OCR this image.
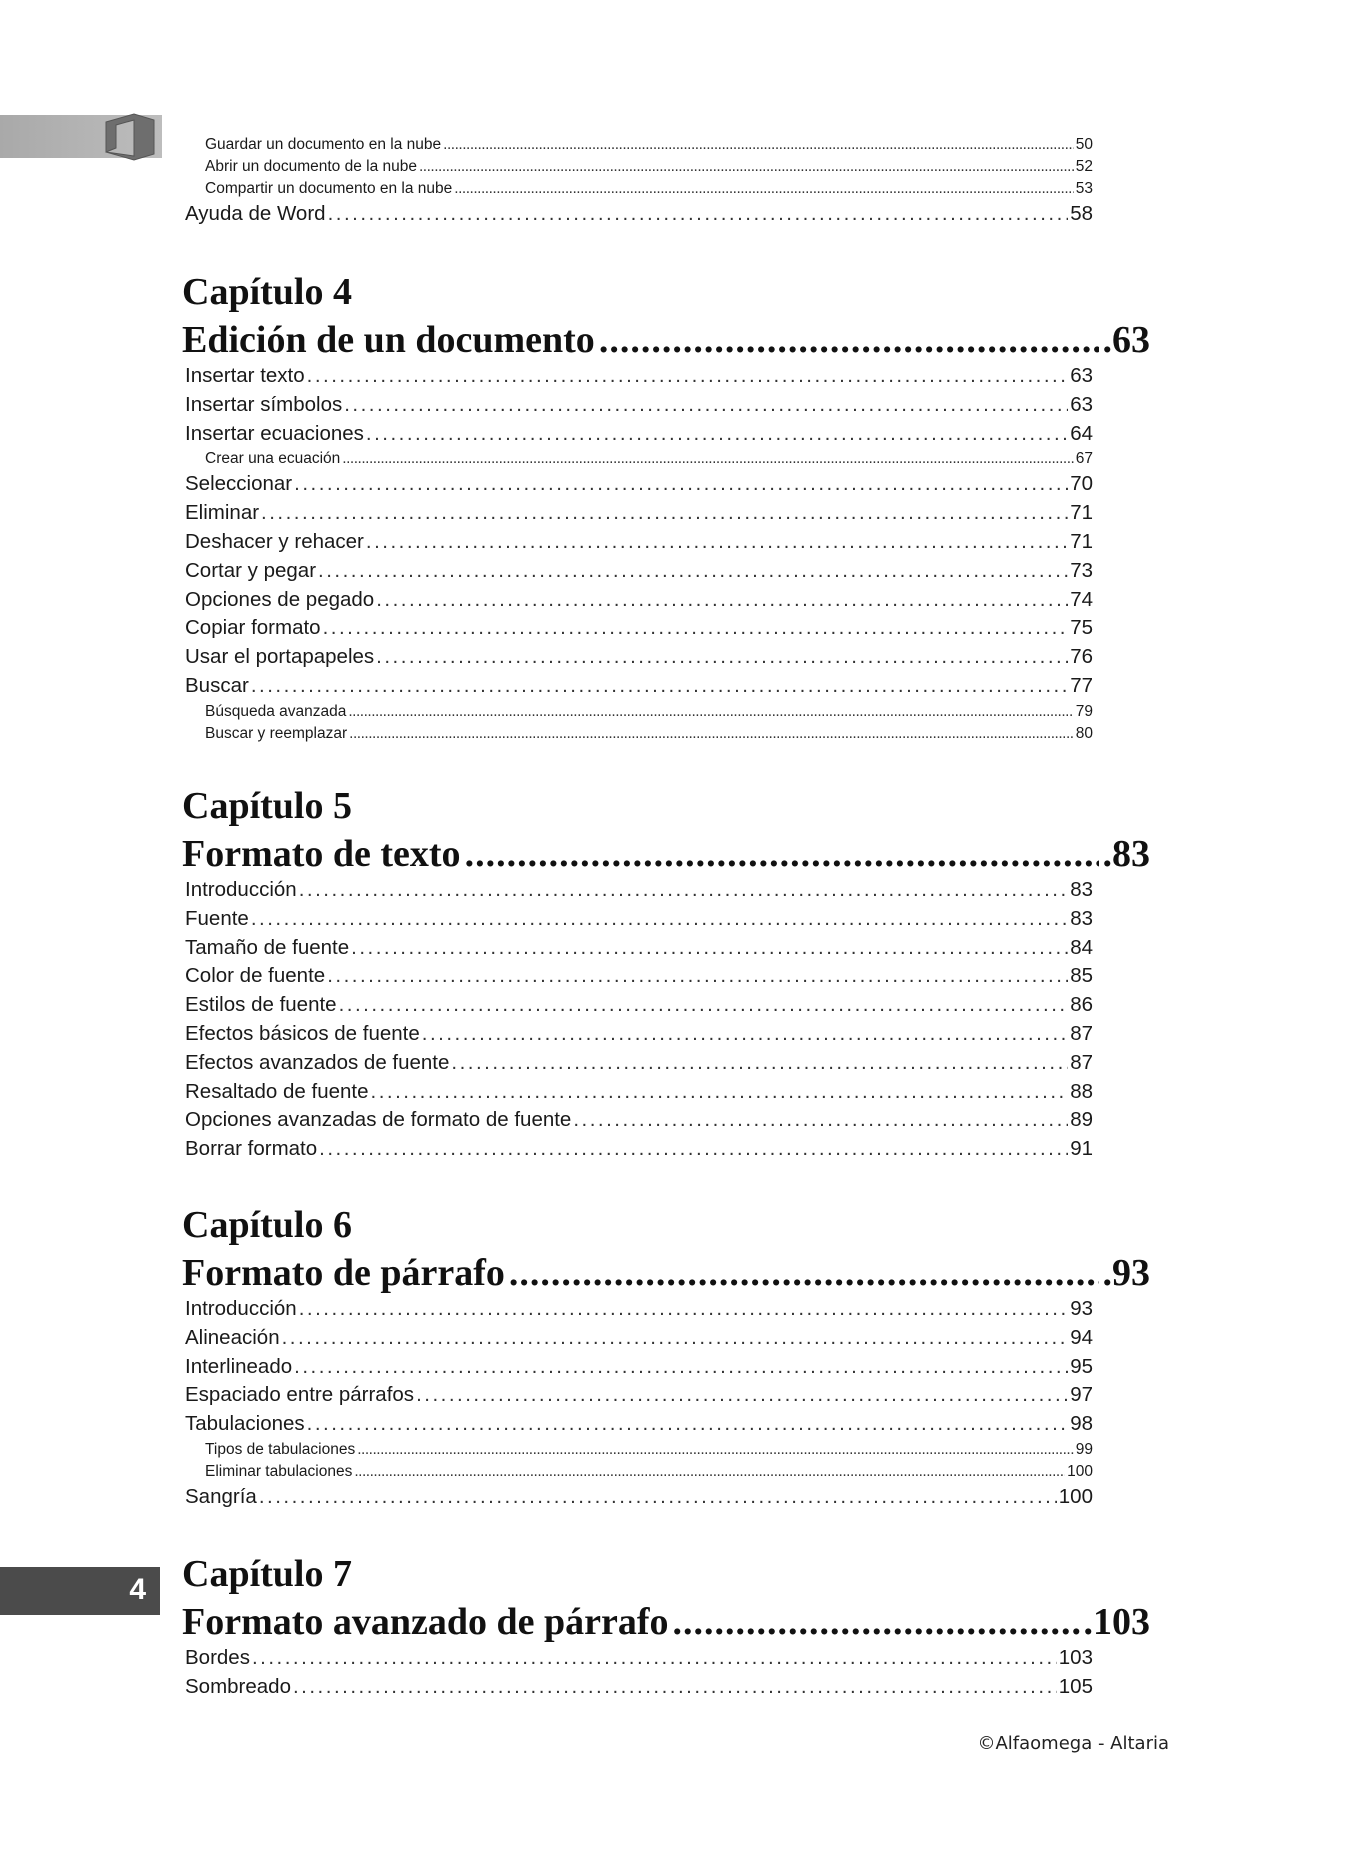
4
Guardar un documento en la nube . . .	50
Abrir un documento de la nube . . .	52
Compartir un documento en la nube . . .	53
Ayuda de Word . . .	58
Capítulo 4
Edición de un documento .....	.63
Insertar texto . . .	63
Insertar símbolos . . .	63
Insertar ecuaciones . . .	64
Crear una ecuación . . .	67
Seleccionar . . .	70
Eliminar . . .	71
Deshacer y rehacer . . .	71
Cortar y pegar . . .	73
Opciones de pegado . . .	74
Copiar formato . . .	75
Usar el portapapeles . . .	76
Buscar . . .	77
Búsqueda avanzada . . .	79
Buscar y reemplazar . . .	80
Capítulo 5
Formato de texto .....	.83
Introducción . . .	83
Fuente . . .	83
Tamaño de fuente . . .	84
Color de fuente . . .	85
Estilos de fuente . . .	86
Efectos básicos de fuente . . .	87
Efectos avanzados de fuente . . .	87
Resaltado de fuente . . .	88
Opciones avanzadas de formato de fuente . . .	89
Borrar formato . . .	91
Capítulo 6
Formato de párrafo .....	.93
Introducción . . .	93
Alineación . . .	94
Interlineado . . .	95
Espaciado entre párrafos . . .	97
Tabulaciones . . .	98
Tipos de tabulaciones . . .	99
Eliminar tabulaciones . . .	100
Sangría . . .	100
Capítulo 7
Formato avanzado de párrafo .....	.103
Bordes . . .	103
Sombreado . . .	105
©Alfaomega - Altaria
